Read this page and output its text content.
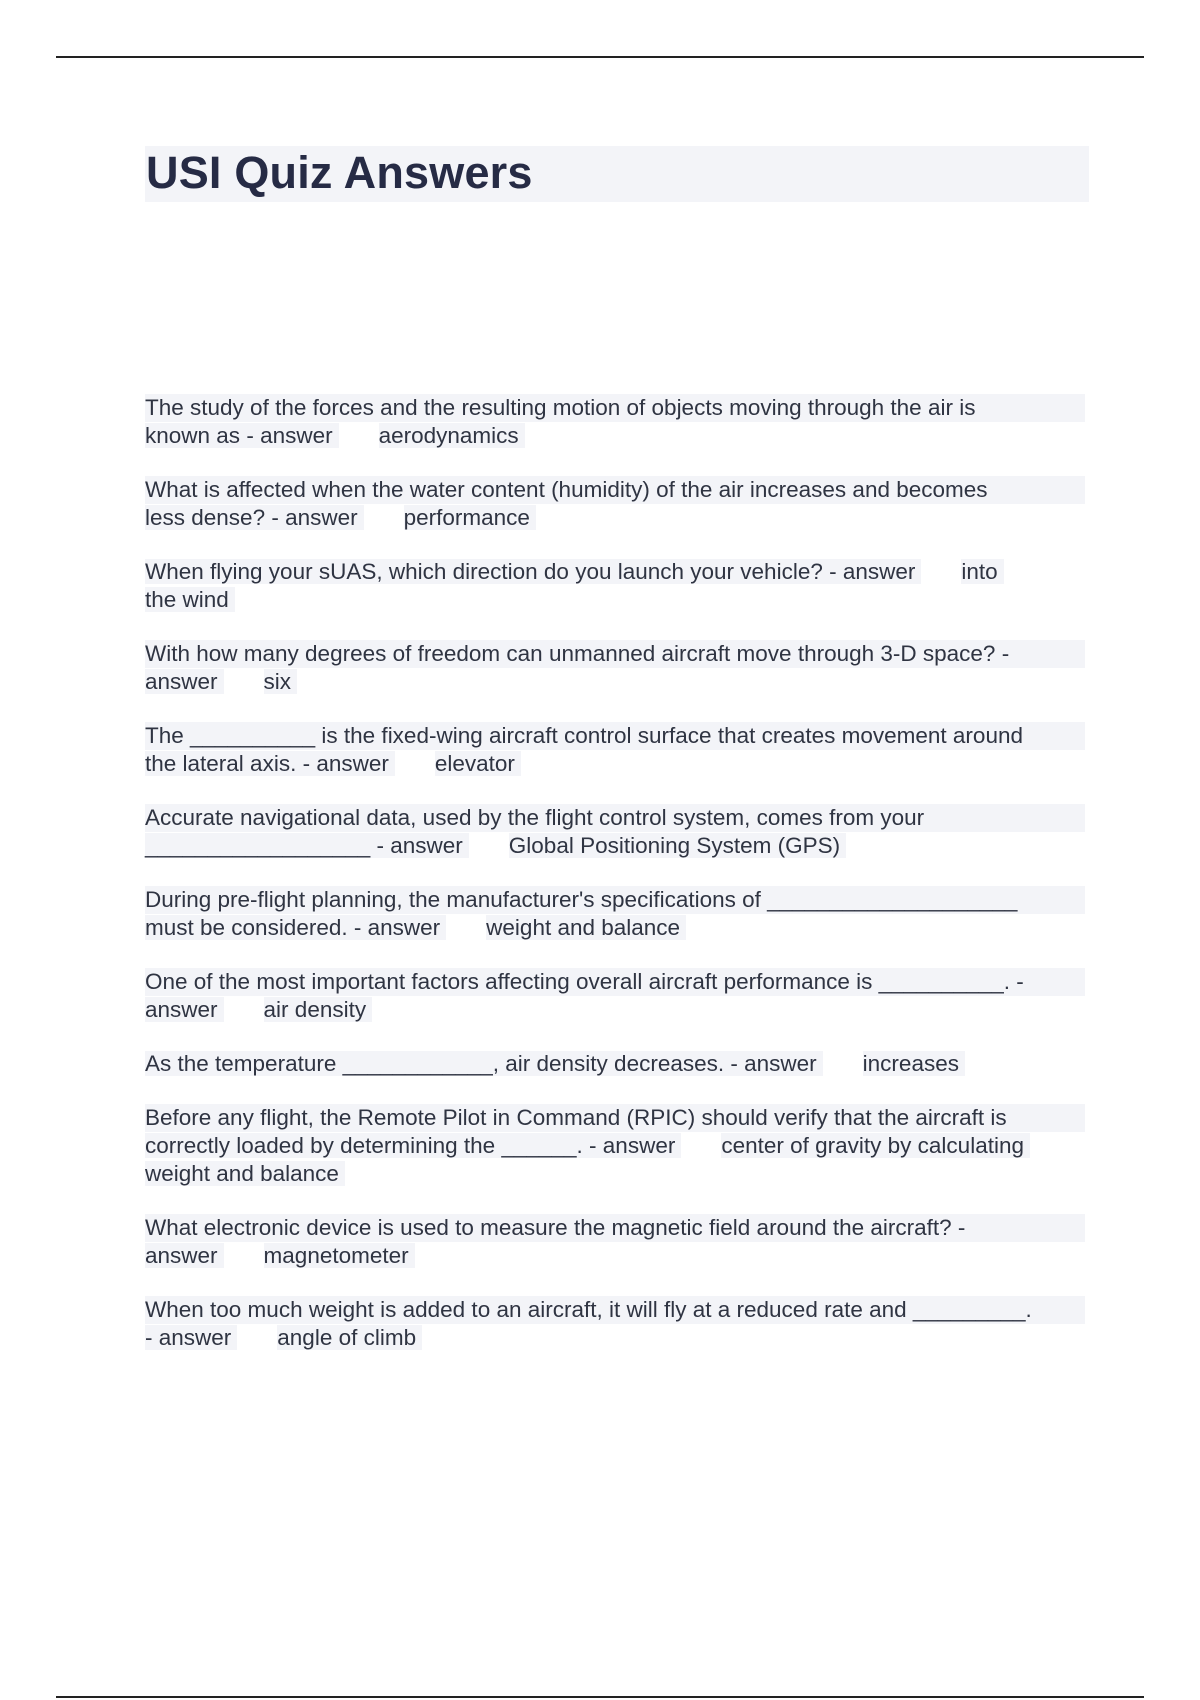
USI Quiz Answers

The study of the forces and the resulting motion of objects moving through the air is
known as - answer aerodynamics

What is affected when the water content (humidity) of the air increases and becomes
less dense? - answer performance

When flying your sUAS, which direction do you launch your vehicle? - answer into
the wind

With how many degrees of freedom can unmanned aircraft move through 3-D space? -
answer six

The __________ is the fixed-wing aircraft control surface that creates movement around
the lateral axis. - answer elevator

Accurate navigational data, used by the flight control system, comes from your
__________________ - answer Global Positioning System (GPS)

During pre-flight planning, the manufacturer's specifications of ____________________
must be considered. - answer weight and balance

One of the most important factors affecting overall aircraft performance is __________. -
answer air density

As the temperature ____________, air density decreases. - answer increases

Before any flight, the Remote Pilot in Command (RPIC) should verify that the aircraft is
correctly loaded by determining the ______. - answer center of gravity by calculating
weight and balance

What electronic device is used to measure the magnetic field around the aircraft? -
answer magnetometer

When too much weight is added to an aircraft, it will fly at a reduced rate and _________.
- answer angle of climb
